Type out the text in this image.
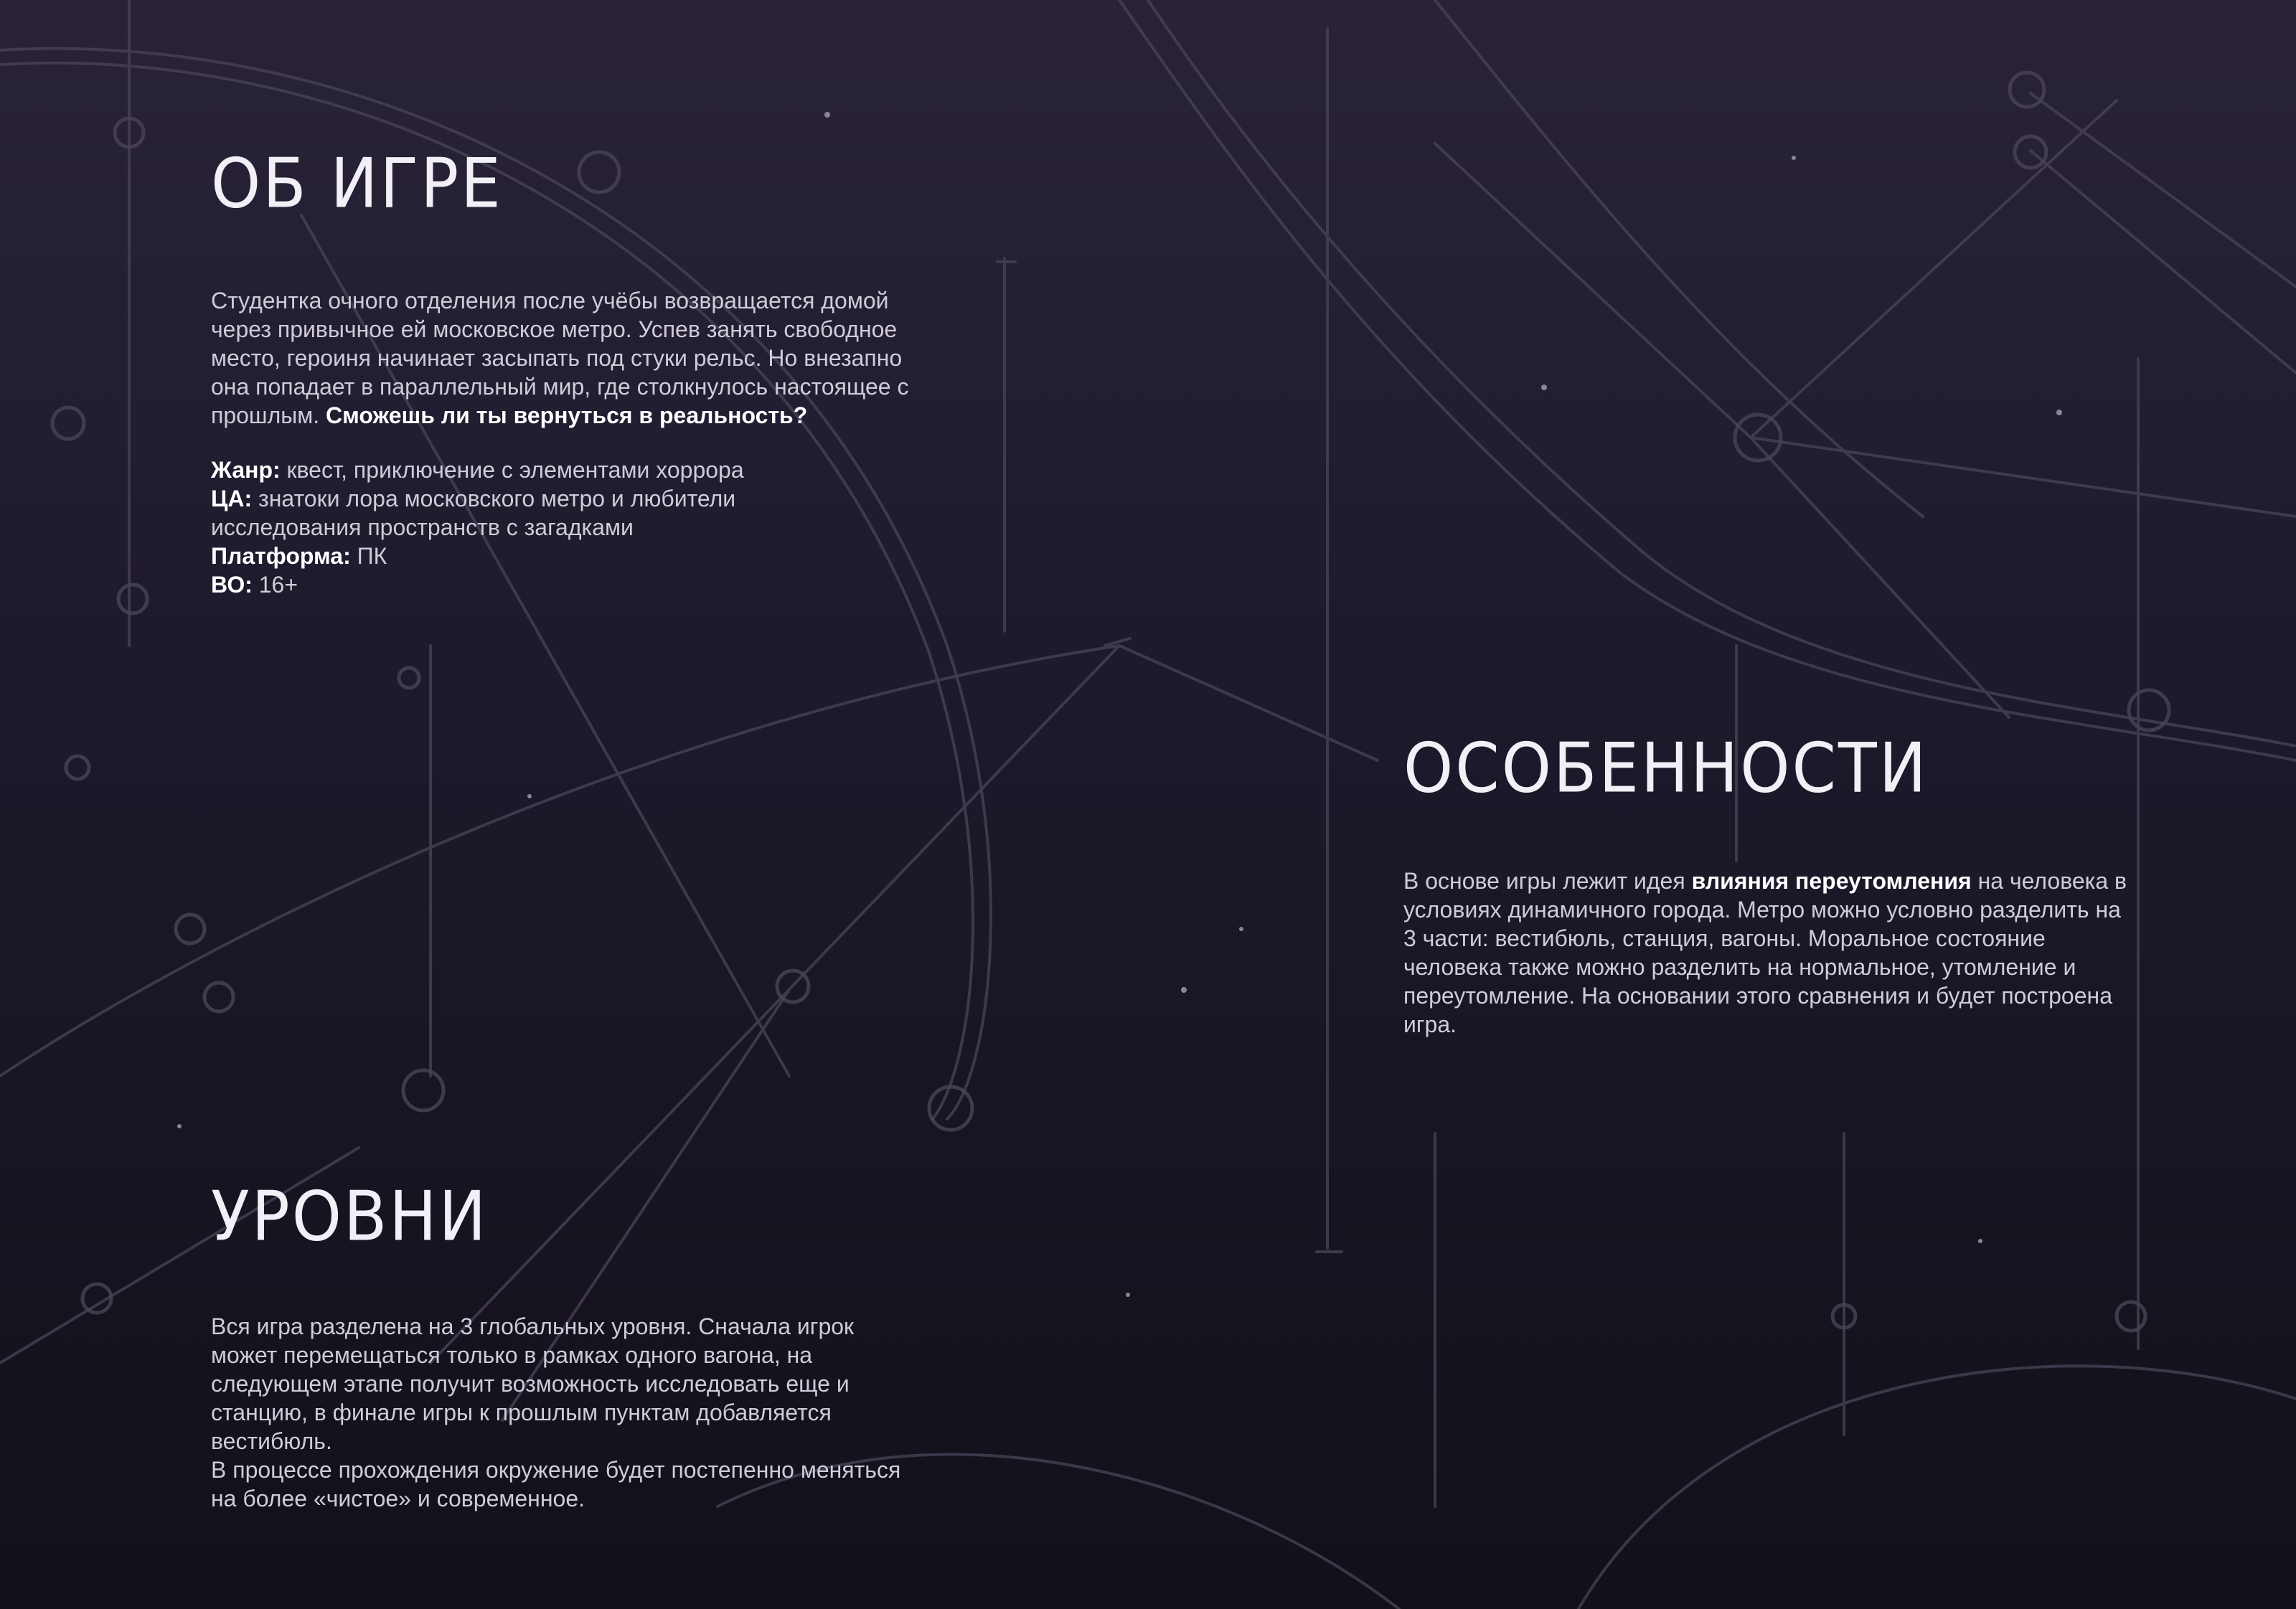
ОБ ИГРЕ

Студентка очного отделения после учёбы возвращается домой через привычное ей московское метро. Успев занять свободное место, героиня начинает засыпать под стуки рельс. Но внезапно она попадает в параллельный мир, где столкнулось настоящее с прошлым. Сможешь ли ты вернуться в реальность?

Жанр: квест, приключение с элементами хоррора
ЦА: знатоки лора московского метро и любители исследования пространств с загадками
Платформа: ПК
ВО: 16+
ОСОБЕННОСТИ

В основе игры лежит идея влияния переутомления на человека в условиях динамичного города. Метро можно условно разделить на 3 части: вестибюль, станция, вагоны. Моральное состояние человека также можно разделить на нормальное, утомление и переутомление. На основании этого сравнения и будет построена игра.

УРОВНИ

Вся игра разделена на 3 глобальных уровня. Сначала игрок может перемещаться только в рамках одного вагона, на следующем этапе получит возможность исследовать еще и станцию, в финале игры к прошлым пунктам добавляется вестибюль.

В процессе прохождения окружение будет постепенно меняться на более «чистое» и современное.
